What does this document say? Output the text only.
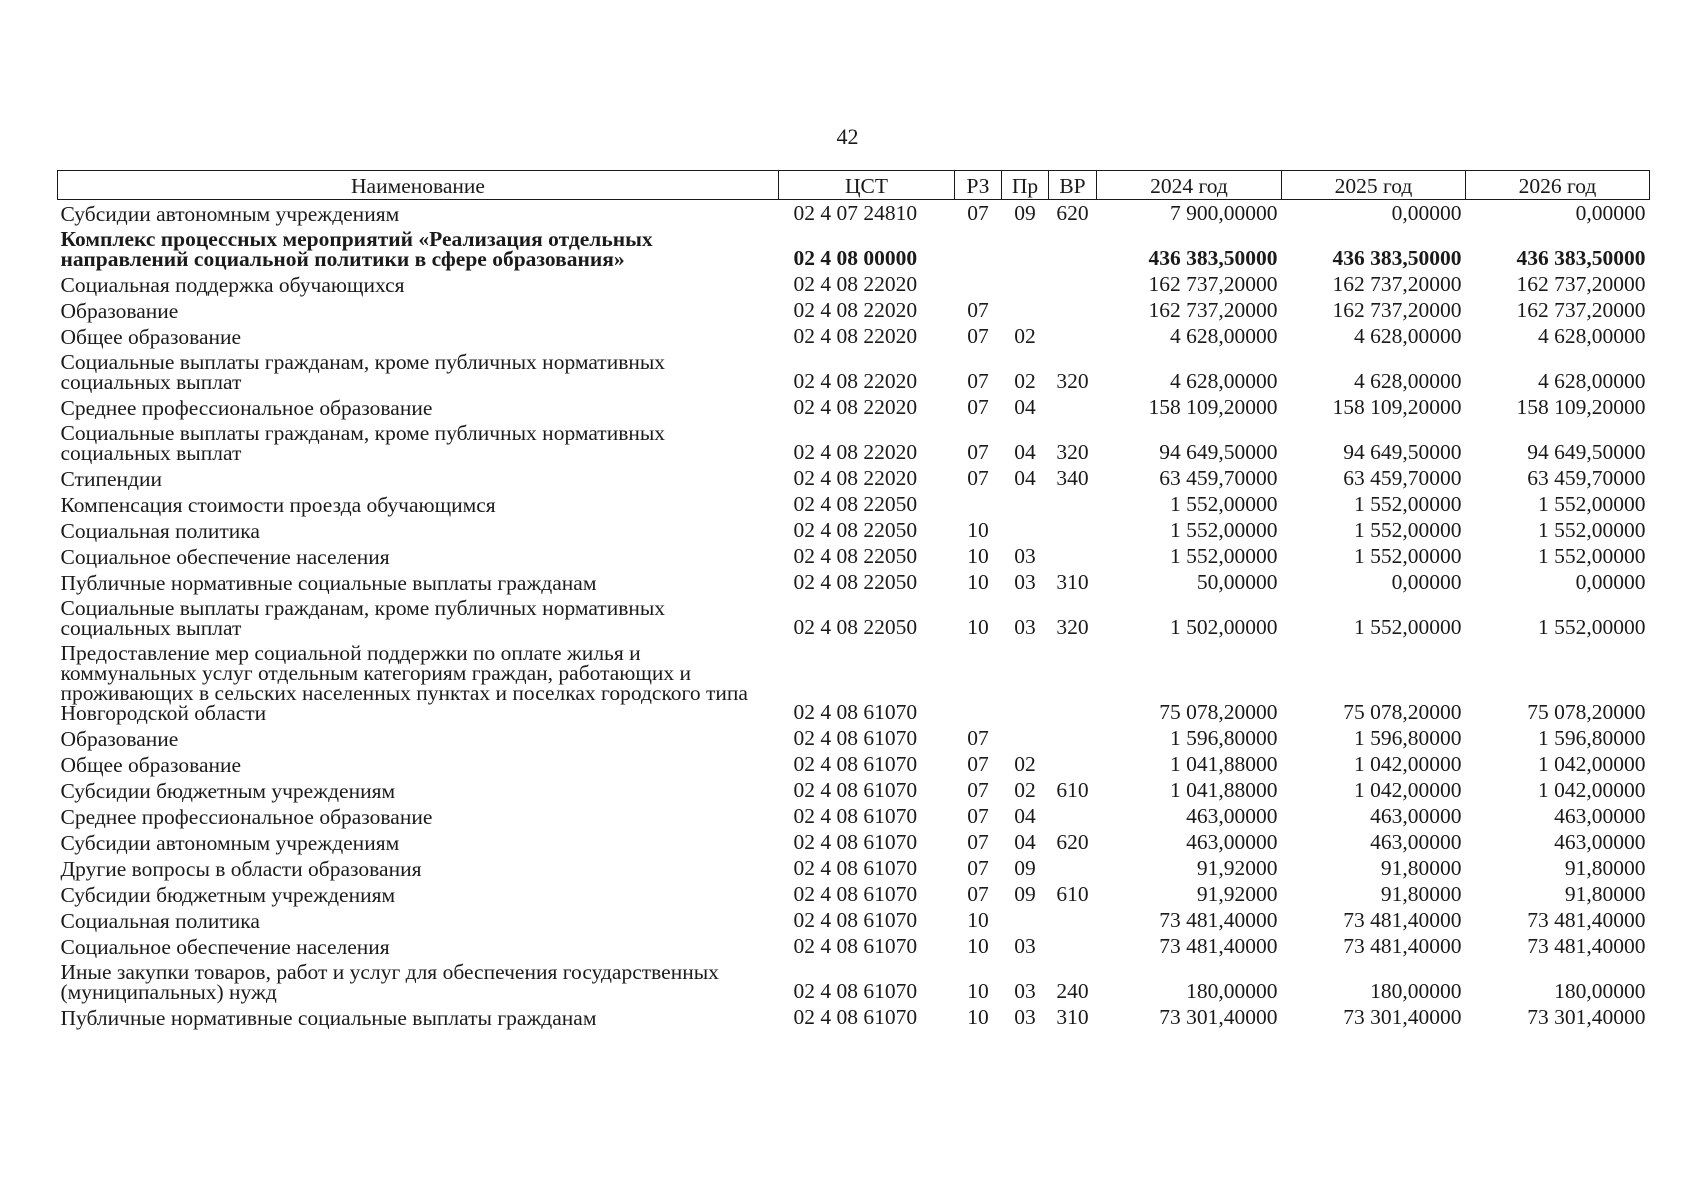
42
Наименование	ЦСТ	РЗ	Пр	ВР	2024 год	2025 год	2026 год
Субсидии автономным учреждениям	02 4 07 24810	07	09	620	7 900,00000	0,00000	0,00000
Комплекс процессных мероприятий «Реализация отдельных направлений социальной политики в сфере образования»	02 4 08 00000				436 383,50000	436 383,50000	436 383,50000
Социальная поддержка обучающихся	02 4 08 22020				162 737,20000	162 737,20000	162 737,20000
Образование	02 4 08 22020	07			162 737,20000	162 737,20000	162 737,20000
Общее образование	02 4 08 22020	07	02		4 628,00000	4 628,00000	4 628,00000
Социальные выплаты гражданам, кроме публичных нормативных социальных выплат	02 4 08 22020	07	02	320	4 628,00000	4 628,00000	4 628,00000
Среднее профессиональное образование	02 4 08 22020	07	04		158 109,20000	158 109,20000	158 109,20000
Социальные выплаты гражданам, кроме публичных нормативных социальных выплат	02 4 08 22020	07	04	320	94 649,50000	94 649,50000	94 649,50000
Стипендии	02 4 08 22020	07	04	340	63 459,70000	63 459,70000	63 459,70000
Компенсация стоимости проезда обучающимся	02 4 08 22050				1 552,00000	1 552,00000	1 552,00000
Социальная политика	02 4 08 22050	10			1 552,00000	1 552,00000	1 552,00000
Социальное обеспечение населения	02 4 08 22050	10	03		1 552,00000	1 552,00000	1 552,00000
Публичные нормативные социальные выплаты гражданам	02 4 08 22050	10	03	310	50,00000	0,00000	0,00000
Социальные выплаты гражданам, кроме публичных нормативных социальных выплат	02 4 08 22050	10	03	320	1 502,00000	1 552,00000	1 552,00000
Предоставление мер социальной поддержки по оплате жилья и коммунальных услуг отдельным категориям граждан, работающих и проживающих в сельских населенных пунктах и поселках городского типа Новгородской области	02 4 08 61070				75 078,20000	75 078,20000	75 078,20000
Образование	02 4 08 61070	07			1 596,80000	1 596,80000	1 596,80000
Общее образование	02 4 08 61070	07	02		1 041,88000	1 042,00000	1 042,00000
Субсидии бюджетным учреждениям	02 4 08 61070	07	02	610	1 041,88000	1 042,00000	1 042,00000
Среднее профессиональное образование	02 4 08 61070	07	04		463,00000	463,00000	463,00000
Субсидии автономным учреждениям	02 4 08 61070	07	04	620	463,00000	463,00000	463,00000
Другие вопросы в области образования	02 4 08 61070	07	09		91,92000	91,80000	91,80000
Субсидии бюджетным учреждениям	02 4 08 61070	07	09	610	91,92000	91,80000	91,80000
Социальная политика	02 4 08 61070	10			73 481,40000	73 481,40000	73 481,40000
Социальное обеспечение населения	02 4 08 61070	10	03		73 481,40000	73 481,40000	73 481,40000
Иные закупки товаров, работ и услуг для обеспечения государственных (муниципальных) нужд	02 4 08 61070	10	03	240	180,00000	180,00000	180,00000
Публичные нормативные социальные выплаты гражданам	02 4 08 61070	10	03	310	73 301,40000	73 301,40000	73 301,40000
